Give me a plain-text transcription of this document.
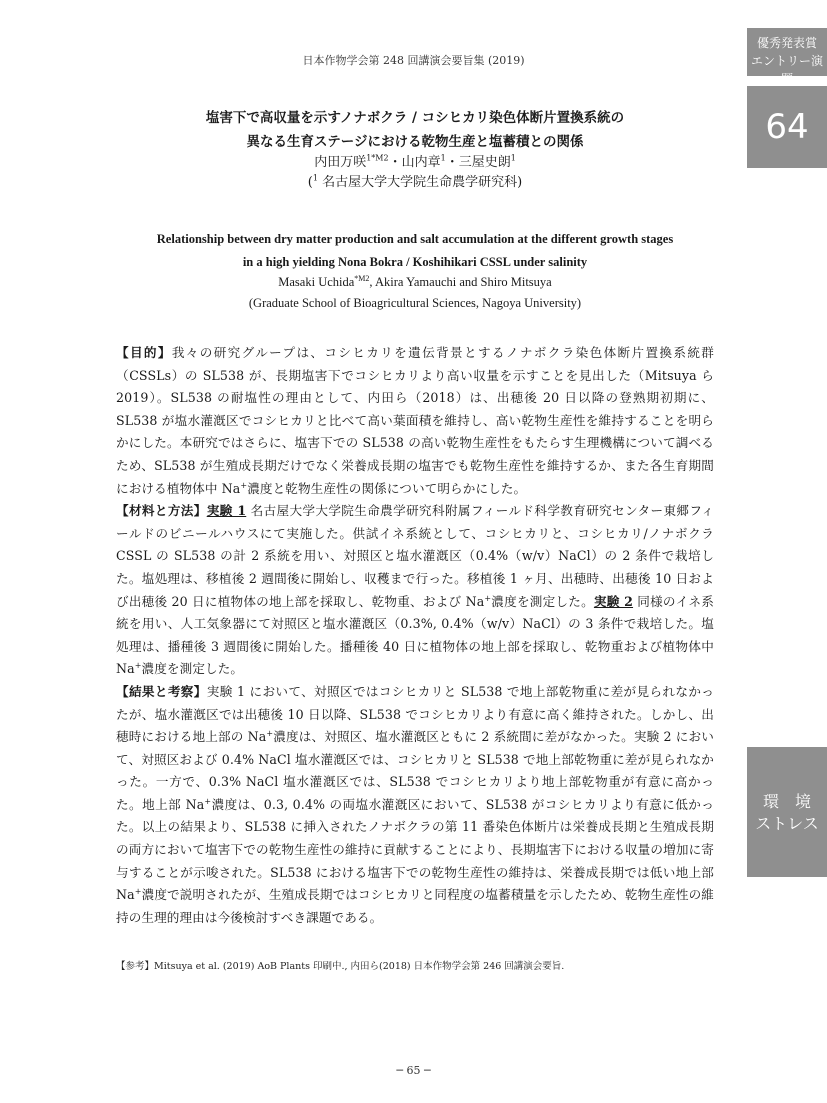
日本作物学会第 248 回講演会要旨集 (2019)
優秀発表賞
エントリー演題
64
環　境
ストレス
塩害下で高収量を示すノナボクラ / コシヒカリ染色体断片置換系統の
異なる生育ステージにおける乾物生産と塩蓄積との関係
内田万咲$^{1*M2}$・山内章$^1$・三屋史朗$^1$
($^1$ 名古屋大学大学院生命農学研究科)
Relationship between dry matter production and salt accumulation at the different growth stages
in a high yielding Nona Bokra / Koshihikari CSSL under salinity
Masaki Uchida$^{*M2}$, Akira Yamauchi and Shiro Mitsuya
(Graduate School of Bioagricultural Sciences, Nagoya University)

【目的】我々の研究グループは、コシヒカリを遺伝背景とするノナボクラ染色体断片置換系統群（CSSLs）の SL538 が、長期塩害下でコシヒカリより高い収量を示すことを見出した（Mitsuya ら 2019）。SL538 の耐塩性の理由として、内田ら（2018）は、出穂後 20 日以降の登熟期初期に、SL538 が塩水灌漑区でコシヒカリと比べて高い葉面積を維持し、高い乾物生産性を維持することを明らかにした。本研究ではさらに、塩害下での SL538 の高い乾物生産性をもたらす生理機構について調べるため、SL538 が生殖成長期だけでなく栄養成長期の塩害でも乾物生産性を維持するか、また各生育期間における植物体中 Na+濃度と乾物生産性の関係について明らかにした。

【材料と方法】実験 1 名古屋大学大学院生命農学研究科附属フィールド科学教育研究センター東郷フィールドのビニールハウスにて実施した。供試イネ系統として、コシヒカリと、コシヒカリ/ノナボクラ CSSL の SL538 の計 2 系統を用い、対照区と塩水灌漑区（0.4%（w/v）NaCl）の 2 条件で栽培した。塩処理は、移植後 2 週間後に開始し、収穫まで行った。移植後 1 ヶ月、出穂時、出穂後 10 日および出穂後 20 日に植物体の地上部を採取し、乾物重、および Na+濃度を測定した。実験 2 同様のイネ系統を用い、人工気象器にて対照区と塩水灌漑区（0.3%, 0.4%（w/v）NaCl）の 3 条件で栽培した。塩処理は、播種後 3 週間後に開始した。播種後 40 日に植物体の地上部を採取し、乾物重および植物体中 Na+濃度を測定した。

【結果と考察】実験 1 において、対照区ではコシヒカリと SL538 で地上部乾物重に差が見られなかったが、塩水灌漑区では出穂後 10 日以降、SL538 でコシヒカリより有意に高く維持された。しかし、出穂時における地上部の Na+濃度は、対照区、塩水灌漑区ともに 2 系統間に差がなかった。実験 2 において、対照区および 0.4% NaCl 塩水灌漑区では、コシヒカリと SL538 で地上部乾物重に差が見られなかった。一方で、0.3% NaCl 塩水灌漑区では、SL538 でコシヒカリより地上部乾物重が有意に高かった。地上部 Na+濃度は、0.3, 0.4% の両塩水灌漑区において、SL538 がコシヒカリより有意に低かった。以上の結果より、SL538 に挿入されたノナボクラの第 11 番染色体断片は栄養成長期と生殖成長期の両方において塩害下での乾物生産性の維持に貢献することにより、長期塩害下における収量の増加に寄与することが示唆された。SL538 における塩害下での乾物生産性の維持は、栄養成長期では低い地上部 Na+濃度で説明されたが、生殖成長期ではコシヒカリと同程度の塩蓄積量を示したため、乾物生産性の維持の生理的理由は今後検討すべき課題である。

【参考】Mitsuya et al. (2019) AoB Plants 印刷中., 内田ら(2018) 日本作物学会第 246 回講演会要旨.
─ 65 ─
